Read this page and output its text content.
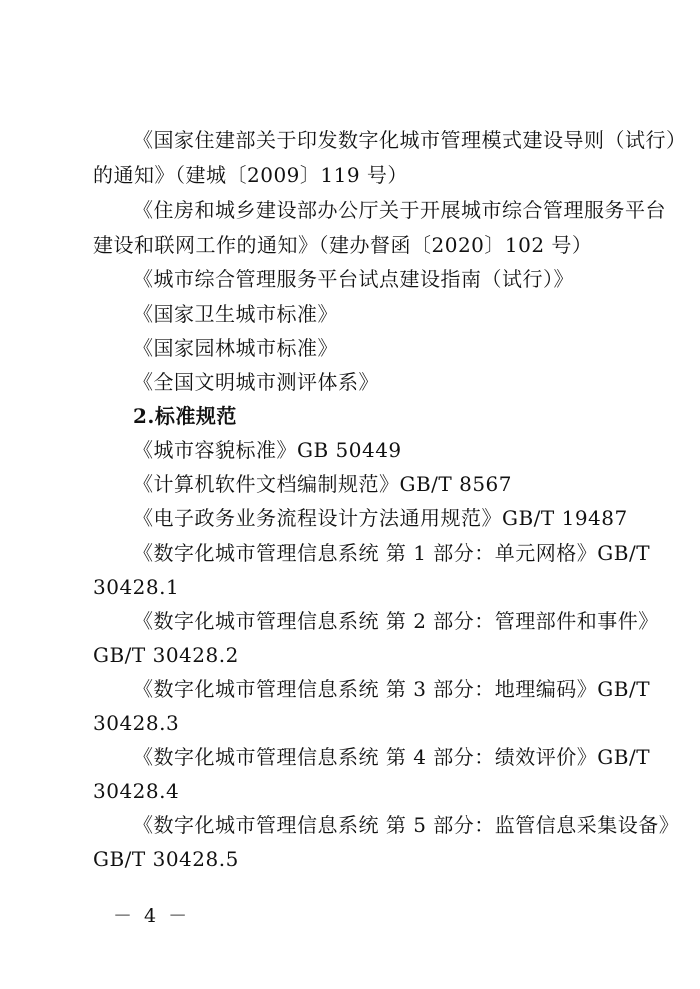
《国家住建部关于印发数字化城市管理模式建设导则（试行）
的通知》（建城〔2009〕119 号）
《住房和城乡建设部办公厅关于开展城市综合管理服务平台
建设和联网工作的通知》（建办督函〔2020〕102 号）
《城市综合管理服务平台试点建设指南（试行）》
《国家卫生城市标准》
《国家园林城市标准》
《全国文明城市测评体系》
2.标准规范
《城市容貌标准》GB 50449
《计算机软件文档编制规范》GB/T 8567
《电子政务业务流程设计方法通用规范》GB/T 19487
《数字化城市管理信息系统 第 1 部分：单元网格》GB/T
30428.1
《数字化城市管理信息系统 第 2 部分：管理部件和事件》
GB/T 30428.2
《数字化城市管理信息系统 第 3 部分：地理编码》GB/T
30428.3
《数字化城市管理信息系统 第 4 部分：绩效评价》GB/T
30428.4
《数字化城市管理信息系统 第 5 部分：监管信息采集设备》
GB/T 30428.5
－ 4 －
